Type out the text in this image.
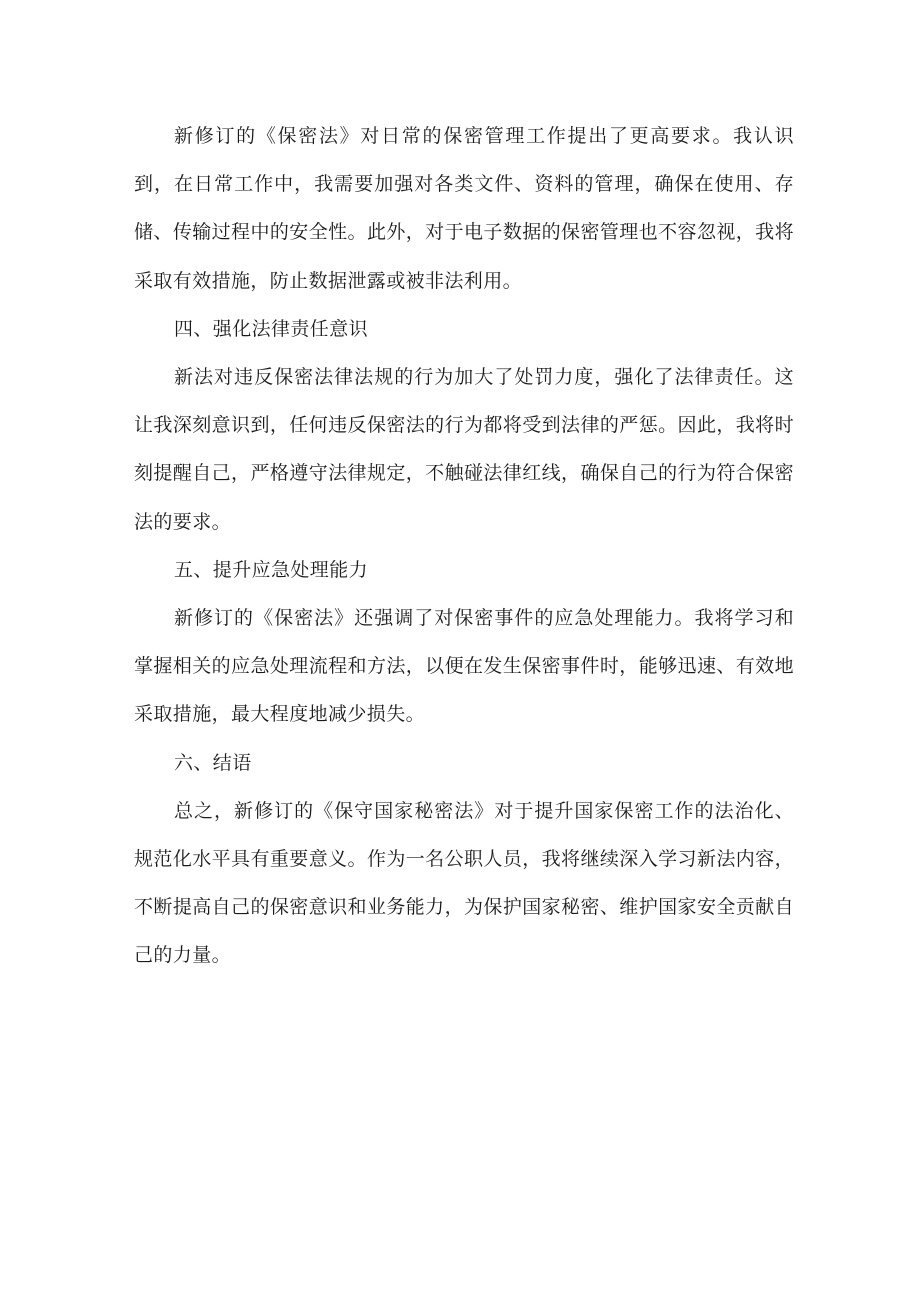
新修订的《保密法》对日常的保密管理工作提出了更高要求。我认识到，在日常工作中，我需要加强对各类文件、资料的管理，确保在使用、存储、传输过程中的安全性。此外，对于电子数据的保密管理也不容忽视，我将采取有效措施，防止数据泄露或被非法利用。

四、强化法律责任意识

新法对违反保密法律法规的行为加大了处罚力度，强化了法律责任。这让我深刻意识到，任何违反保密法的行为都将受到法律的严惩。因此，我将时刻提醒自己，严格遵守法律规定，不触碰法律红线，确保自己的行为符合保密法的要求。

五、提升应急处理能力

新修订的《保密法》还强调了对保密事件的应急处理能力。我将学习和掌握相关的应急处理流程和方法，以便在发生保密事件时，能够迅速、有效地采取措施，最大程度地减少损失。

六、结语

总之，新修订的《保守国家秘密法》对于提升国家保密工作的法治化、规范化水平具有重要意义。作为一名公职人员，我将继续深入学习新法内容，不断提高自己的保密意识和业务能力，为保护国家秘密、维护国家安全贡献自己的力量。
